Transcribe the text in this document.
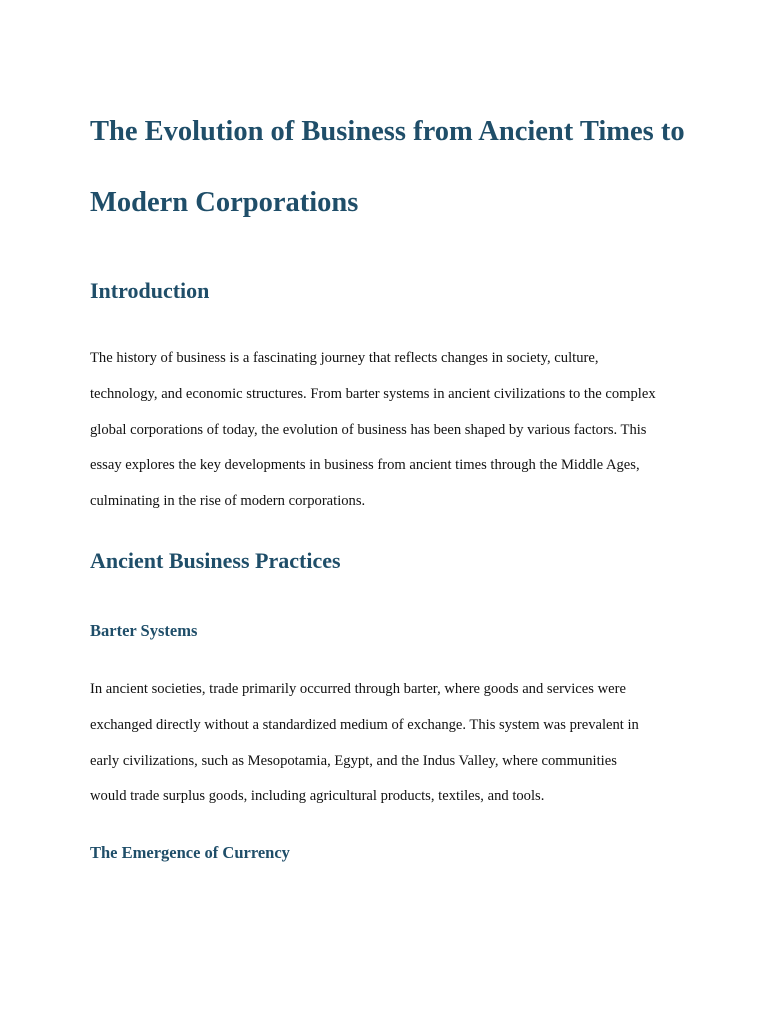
The Evolution of Business from Ancient Times to Modern Corporations
Introduction
The history of business is a fascinating journey that reflects changes in society, culture,
technology, and economic structures. From barter systems in ancient civilizations to the complex
global corporations of today, the evolution of business has been shaped by various factors. This
essay explores the key developments in business from ancient times through the Middle Ages,
culminating in the rise of modern corporations.
Ancient Business Practices
Barter Systems
In ancient societies, trade primarily occurred through barter, where goods and services were
exchanged directly without a standardized medium of exchange. This system was prevalent in
early civilizations, such as Mesopotamia, Egypt, and the Indus Valley, where communities
would trade surplus goods, including agricultural products, textiles, and tools.
The Emergence of Currency
